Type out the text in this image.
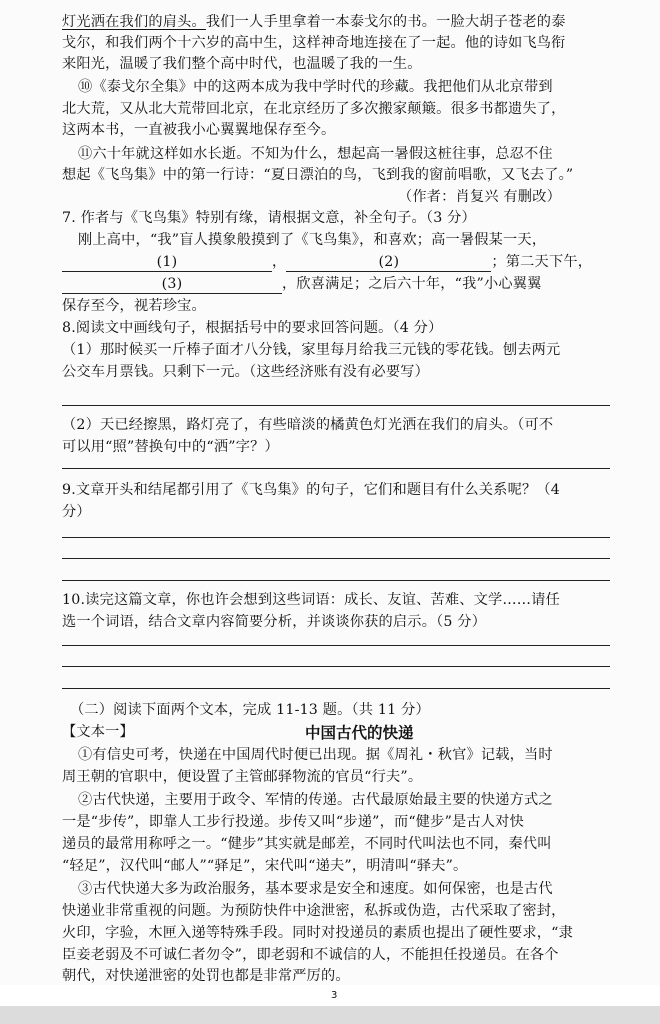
灯光洒在我们的肩头。我们一人手里拿着一本泰戈尔的书。一脸大胡子苍老的泰
戈尔，和我们两个十六岁的高中生，这样神奇地连接在了一起。他的诗如飞鸟衔
来阳光，温暖了我们整个高中时代，也温暖了我的一生。
⑩《泰戈尔全集》中的这两本成为我中学时代的珍藏。我把他们从北京带到
北大荒，又从北大荒带回北京，在北京经历了多次搬家颠簸。很多书都遗失了，
这两本书，一直被我小心翼翼地保存至今。
⑪六十年就这样如水长逝。不知为什么，想起高一暑假这桩往事，总忍不住
想起《飞鸟集》中的第一行诗：“夏日漂泊的鸟，飞到我的窗前唱歌，又飞去了。”
（作者：肖复兴 有删改）
7. 作者与《飞鸟集》特别有缘，请根据文意，补全句子。（3 分）
刚上高中，“我”盲人摸象般摸到了《飞鸟集》，和喜欢；高一暑假某一天，
(1)	，	(2)	；第二天下午，
(3)	，欣喜满足；之后六十年，“我”小心翼翼
保存至今，视若珍宝。
8.阅读文中画线句子，根据括号中的要求回答问题。（4 分）
（1）那时候买一斤棒子面才八分钱，家里每月给我三元钱的零花钱。刨去两元
公交车月票钱。只剩下一元。（这些经济账有没有必要写）
（2）天已经擦黑，路灯亮了，有些暗淡的橘黄色灯光洒在我们的肩头。（可不
可以用“照”替换句中的“洒”字？）
9.文章开头和结尾都引用了《飞鸟集》的句子，它们和题目有什么关系呢？（4
分）
10.读完这篇文章，你也许会想到这些词语：成长、友谊、苦难、文学……请任
选一个词语，结合文章内容简要分析，并谈谈你获的启示。（5 分）
（二）阅读下面两个文本，完成 11-13 题。（共 11 分）
【文本一】	中国古代的快递
①有信史可考，快递在中国周代时便已出现。据《周礼・秋官》记载，当时
周王朝的官职中，便设置了主管邮驿物流的官员“行夫”。
②古代快递，主要用于政令、军情的传递。古代最原始最主要的快递方式之
一是“步传”，即靠人工步行投递。步传又叫“步递”，而“健步”是古人对快
递员的最常用称呼之一。“健步”其实就是邮差，不同时代叫法也不同，秦代叫
“轻足”，汉代叫“邮人”“驿足”，宋代叫“递夫”，明清叫“驿夫”。
③古代快递大多为政治服务，基本要求是安全和速度。如何保密，也是古代
快递业非常重视的问题。为预防快件中途泄密，私拆或伪造，古代采取了密封，
火印，字验，木匣入递等特殊手段。同时对投递员的素质也提出了硬性要求，“隶
臣妾老弱及不可诚仁者勿令”，即老弱和不诚信的人，不能担任投递员。在各个
朝代，对快递泄密的处罚也都是非常严厉的。
3
